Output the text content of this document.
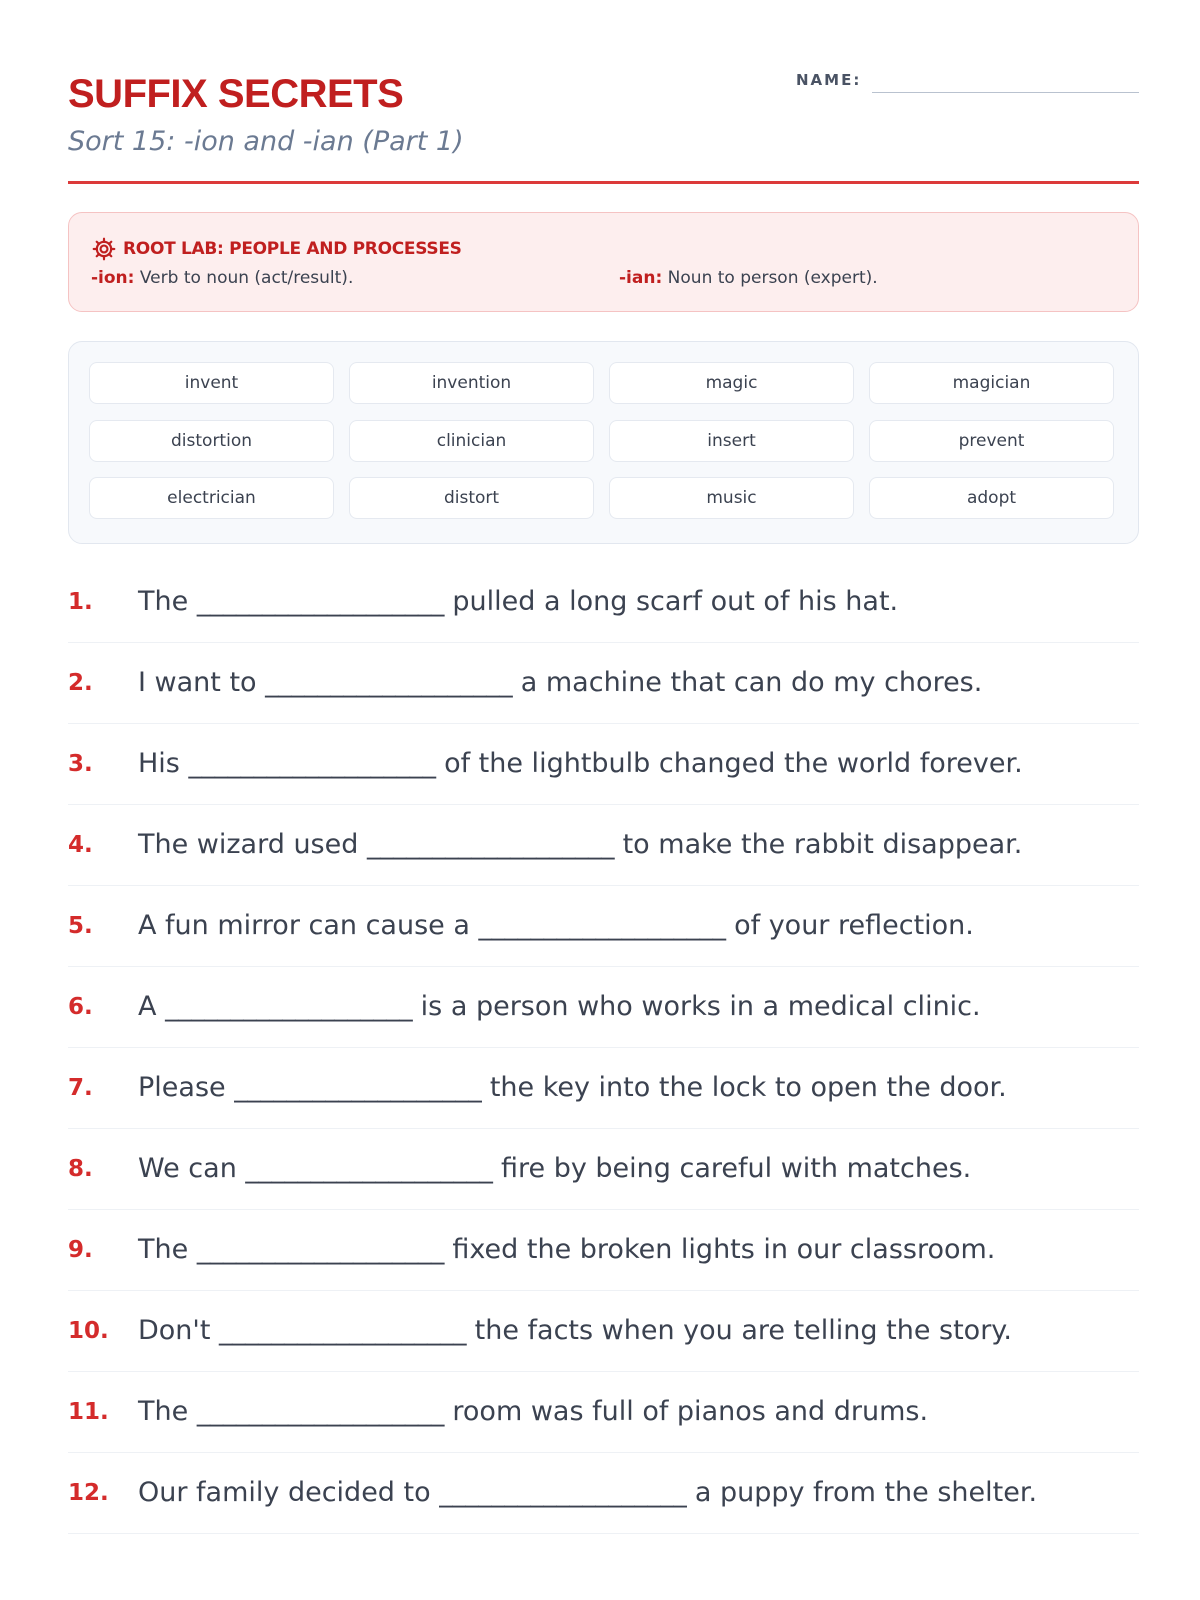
SUFFIX SECRETS
Sort 15: -ion and -ian (Part 1)
NAME:
ROOT LAB: PEOPLE AND PROCESSES
-ion: Verb to noun (act/result).	-ian: Noun to person (expert).
invent	invention	magic	magician
distortion	clinician	insert	prevent
electrician	distort	music	adopt
1.	The ___________________ pulled a long scarf out of his hat.
2.	I want to ___________________ a machine that can do my chores.
3.	His ___________________ of the lightbulb changed the world forever.
4.	The wizard used ___________________ to make the rabbit disappear.
5.	A fun mirror can cause a ___________________ of your reflection.
6.	A ___________________ is a person who works in a medical clinic.
7.	Please ___________________ the key into the lock to open the door.
8.	We can ___________________ fire by being careful with matches.
9.	The ___________________ fixed the broken lights in our classroom.
10.	Don't ___________________ the facts when you are telling the story.
11.	The ___________________ room was full of pianos and drums.
12.	Our family decided to ___________________ a puppy from the shelter.
